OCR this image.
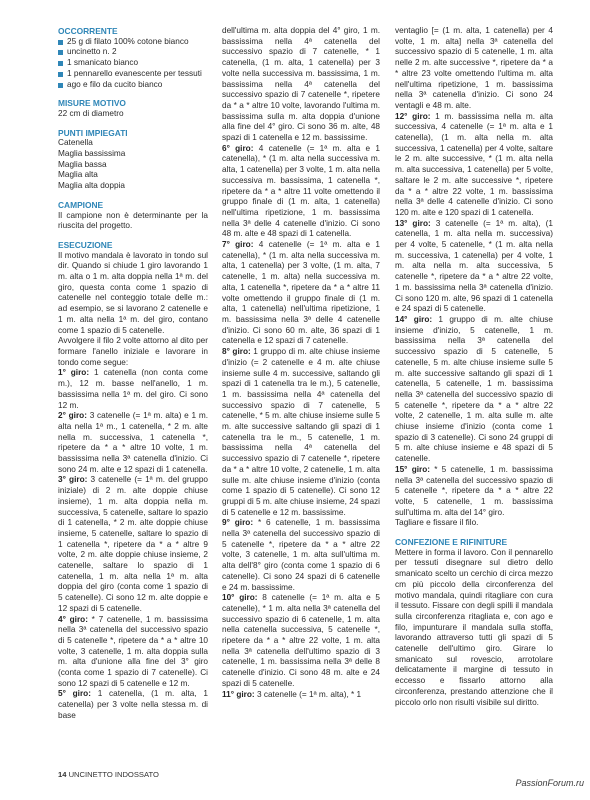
OCCORRENTE
25 g di filato 100% cotone bianco
uncinetto n. 2
1 smanicato bianco
1 pennarello evanescente per tessuti
ago e filo da cucito bianco
MISURE MOTIVO
22 cm di diametro
PUNTI IMPIEGATI
Catenella
Maglia bassissima
Maglia bassa
Maglia alta
Maglia alta doppia
CAMPIONE

Il campione non è determinante per la riuscita del progetto.

ESECUZIONE

Il motivo mandala è lavorato in tondo sul dir. Quando si chiude 1 giro lavorando 1 m. alta o 1 m. alta doppia nella 1ª m. del giro, questa conta come 1 spazio di catenelle nel conteggio totale delle m.: ad esempio, se si lavorano 2 catenelle e 1 m. alta nella 1ª m. del giro, contano come 1 spazio di 5 catenelle.

Avvolgere il filo 2 volte attorno al dito per formare l'anello iniziale e lavorare in tondo come segue:

1° giro: 1 catenella (non conta come m.), 12 m. basse nell'anello, 1 m. bassissima nella 1ª m. del giro. Ci sono 12 m.

2° giro: 3 catenelle (= 1ª m. alta) e 1 m. alta nella 1ª m., 1 catenella, * 2 m. alte nella m. successiva, 1 catenella *, ripetere da * a * altre 10 volte, 1 m. bassissima nella 3ª catenella d'inizio. Ci sono 24 m. alte e 12 spazi di 1 catenella.

3° giro: 3 catenelle (= 1ª m. del gruppo iniziale) di 2 m. alte doppie chiuse insieme), 1 m. alta doppia nella m. successiva, 5 catenelle, saltare lo spazio di 1 catenella, * 2 m. alte doppie chiuse insieme, 5 catenelle, saltare lo spazio di 1 catenella *, ripetere da * a * altre 9 volte, 2 m. alte doppie chiuse insieme, 2 catenelle, saltare lo spazio di 1 catenella, 1 m. alta nella 1ª m. alta doppia del giro (conta come 1 spazio di 5 catenelle). Ci sono 12 m. alte doppie e 12 spazi di 5 catenelle.

4° giro: * 7 catenelle, 1 m. bassissima nella 3ª catenella del successivo spazio di 5 catenelle *, ripetere da * a * altre 10 volte, 3 catenelle, 1 m. alta doppia sulla m. alta d'unione alla fine del 3° giro (conta come 1 spazio di 7 catenelle). Ci sono 12 spazi di 5 catenelle e 12 m.

5° giro: 1 catenella, (1 m. alta, 1 catenella) per 3 volte nella stessa m. di base

dell'ultima m. alta doppia del 4° giro, 1 m. bassissima nella 4ª catenella del successivo spazio di 7 catenelle, * 1 catenella, (1 m. alta, 1 catenella) per 3 volte nella successiva m. bassissima, 1 m. bassissima nella 4ª catenella del successivo spazio di 7 catenelle *, ripetere da * a * altre 10 volte, lavorando l'ultima m. bassissima sulla m. alta doppia d'unione alla fine del 4° giro. Ci sono 36 m. alte, 48 spazi di 1 catenella e 12 m. bassissime.

6° giro: 4 catenelle (= 1ª m. alta e 1 catenella), * (1 m. alta nella successiva m. alta, 1 catenella) per 3 volte, 1 m. alta nella successiva m. bassissima, 1 catenella *, ripetere da * a * altre 11 volte omettendo il gruppo finale di (1 m. alta, 1 catenella) nell'ultima ripetizione, 1 m. bassissima nella 3ª delle 4 catenelle d'inizio. Ci sono 48 m. alte e 48 spazi di 1 catenella.

7° giro: 4 catenelle (= 1ª m. alta e 1 catenella), * (1 m. alta nella successiva m. alta, 1 catenella) per 3 volte, (1 m. alta, 7 catenelle, 1 m. alta) nella successiva m. alta, 1 catenella *, ripetere da * a * altre 11 volte omettendo il gruppo finale di (1 m. alta, 1 catenella) nell'ultima ripetizione, 1 m. bassissima nella 3ª delle 4 catenelle d'inizio. Ci sono 60 m. alte, 36 spazi di 1 catenella e 12 spazi di 7 catenelle.

8° giro: 1 gruppo di m. alte chiuse insieme d'inizio (= 2 catenelle e 4 m. alte chiuse insieme sulle 4 m. successive, saltando gli spazi di 1 catenella tra le m.), 5 catenelle, 1 m. bassissima nella 4ª catenella del successivo spazio di 7 catenelle, 5 catenelle, * 5 m. alte chiuse insieme sulle 5 m. alte successive saltando gli spazi di 1 catenella tra le m., 5 catenelle, 1 m. bassissima nella 4ª catenella del successivo spazio di 7 catenelle *, ripetere da * a * altre 10 volte, 2 catenelle, 1 m. alta sulle m. alte chiuse insieme d'inizio (conta come 1 spazio di 5 catenelle). Ci sono 12 gruppi di 5 m. alte chiuse insieme, 24 spazi di 5 catenelle e 12 m. bassissime.

9° giro: * 6 catenelle, 1 m. bassissima nella 3ª catenella del successivo spazio di 5 catenelle *, ripetere da * a * altre 22 volte, 3 catenelle, 1 m. alta sull'ultima m. alta dell'8° giro (conta come 1 spazio di 6 catenelle). Ci sono 24 spazi di 6 catenelle e 24 m. bassissime.

10° giro: 8 catenelle (= 1ª m. alta e 5 catenelle), * 1 m. alta nella 3ª catenella del successivo spazio di 6 catenelle, 1 m. alta nella catenella successiva, 5 catenelle *, ripetere da * a * altre 22 volte, 1 m. alta nella 3ª catenella dell'ultimo spazio di 3 catenelle, 1 m. bassissima nella 3ª delle 8 catenelle d'inizio. Ci sono 48 m. alte e 24 spazi di 5 catenelle.

11° giro: 3 catenelle (= 1ª m. alta), * 1

ventaglio [= (1 m. alta, 1 catenella) per 4 volte, 1 m. alta] nella 3ª catenella del successivo spazio di 5 catenelle, 1 m. alta nelle 2 m. alte successive *, ripetere da * a * altre 23 volte omettendo l'ultima m. alta nell'ultima ripetizione, 1 m. bassissima nella 3ª catenella d'inizio. Ci sono 24 ventagli e 48 m. alte.

12° giro: 1 m. bassissima nella m. alta successiva, 4 catenelle (= 1ª m. alta e 1 catenella), (1 m. alta nella m. alta successiva, 1 catenella) per 4 volte, saltare le 2 m. alte successive, * (1 m. alta nella m. alta successiva, 1 catenella) per 5 volte, saltare le 2 m. alte successive *, ripetere da * a * altre 22 volte, 1 m. bassissima nella 3ª delle 4 catenelle d'inizio. Ci sono 120 m. alte e 120 spazi di 1 catenella.

13° giro: 3 catenelle (= 1ª m. alta), (1 catenella, 1 m. alta nella m. successiva) per 4 volte, 5 catenelle, * (1 m. alta nella m. successiva, 1 catenella) per 4 volte, 1 m. alta nella m. alta successiva, 5 catenelle *, ripetere da * a * altre 22 volte, 1 m. bassissima nella 3ª catenella d'inizio. Ci sono 120 m. alte, 96 spazi di 1 catenella e 24 spazi di 5 catenelle.

14° giro: 1 gruppo di m. alte chiuse insieme d'inizio, 5 catenelle, 1 m. bassissima nella 3ª catenella del successivo spazio di 5 catenelle, 5 catenelle, 5 m. alte chiuse insieme sulle 5 m. alte successive saltando gli spazi di 1 catenella, 5 catenelle, 1 m. bassissima nella 3ª catenella del successivo spazio di 5 catenelle *, ripetere da * a * altre 22 volte, 2 catenelle, 1 m. alta sulle m. alte chiuse insieme d'inizio (conta come 1 spazio di 3 catenelle). Ci sono 24 gruppi di 5 m. alte chiuse insieme e 48 spazi di 5 catenelle.

15° giro: * 5 catenelle, 1 m. bassissima nella 3ª catenella del successivo spazio di 5 catenelle *, ripetere da * a * altre 22 volte, 5 catenelle, 1 m. bassissima sull'ultima m. alta del 14° giro.

Tagliare e fissare il filo.

CONFEZIONE E RIFINITURE

Mettere in forma il lavoro. Con il pennarello per tessuti disegnare sul dietro dello smanicato scelto un cerchio di circa mezzo cm più piccolo della circonferenza del motivo mandala, quindi ritagliare con cura il tessuto. Fissare con degli spilli il mandala sulla circonferenza ritagliata e, con ago e filo, impunturare il mandala sulla stoffa, lavorando attraverso tutti gli spazi di 5 catenelle dell'ultimo giro. Girare lo smanicato sul rovescio, arrotolare delicatamente il margine di tessuto in eccesso e fissarlo attorno alla circonferenza, prestando attenzione che il piccolo orlo non risulti visibile sul diritto.

14 UNCINETTO INDOSSATO
PassionForum.ru
